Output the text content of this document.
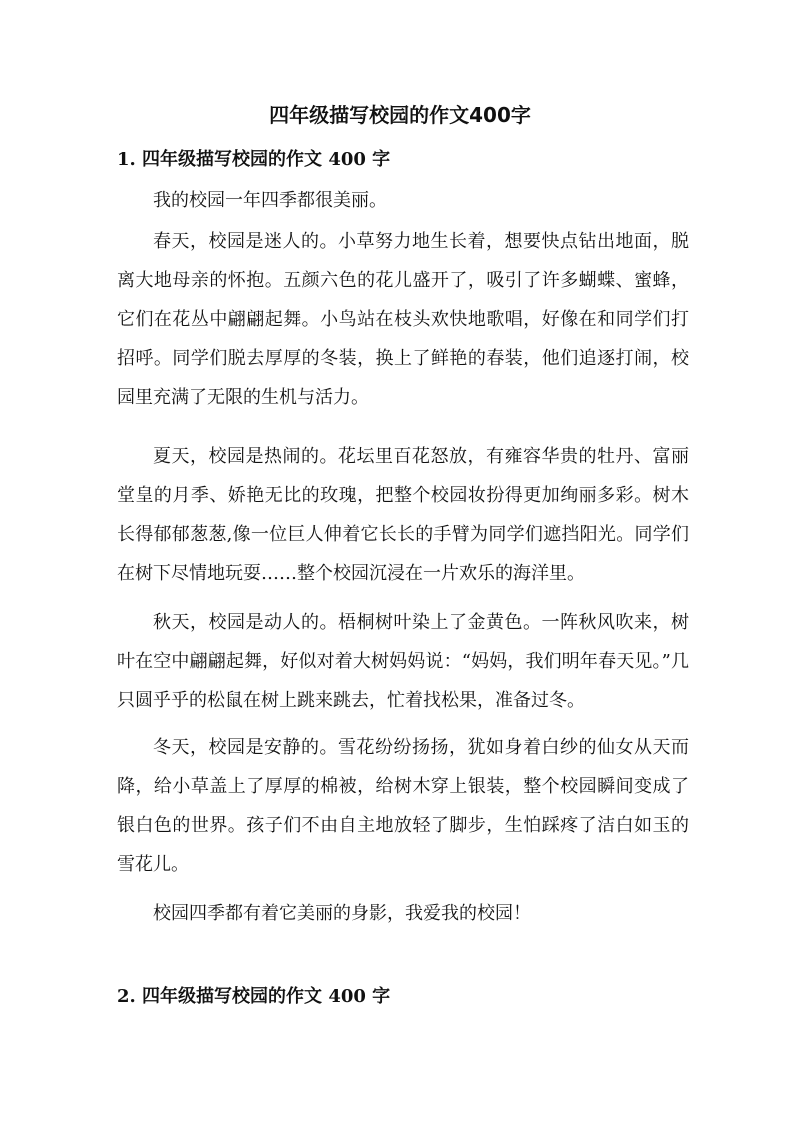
四年级描写校园的作文400字
1. 四年级描写校园的作文 400 字

我的校园一年四季都很美丽。

春天，校园是迷人的。小草努力地生长着，想要快点钻出地面，脱离大地母亲的怀抱。五颜六色的花儿盛开了，吸引了许多蝴蝶、蜜蜂，它们在花丛中翩翩起舞。小鸟站在枝头欢快地歌唱，好像在和同学们打招呼。同学们脱去厚厚的冬装，换上了鲜艳的春装，他们追逐打闹，校园里充满了无限的生机与活力。

夏天，校园是热闹的。花坛里百花怒放，有雍容华贵的牡丹、富丽堂皇的月季、娇艳无比的玫瑰，把整个校园妆扮得更加绚丽多彩。树木长得郁郁葱葱,像一位巨人伸着它长长的手臂为同学们遮挡阳光。同学们在树下尽情地玩耍……整个校园沉浸在一片欢乐的海洋里。

秋天，校园是动人的。梧桐树叶染上了金黄色。一阵秋风吹来，树叶在空中翩翩起舞，好似对着大树妈妈说：“妈妈，我们明年春天见。”几只圆乎乎的松鼠在树上跳来跳去，忙着找松果，准备过冬。

冬天，校园是安静的。雪花纷纷扬扬，犹如身着白纱的仙女从天而降，给小草盖上了厚厚的棉被，给树木穿上银装，整个校园瞬间变成了银白色的世界。孩子们不由自主地放轻了脚步，生怕踩疼了洁白如玉的雪花儿。

校园四季都有着它美丽的身影，我爱我的校园！

2. 四年级描写校园的作文 400 字
